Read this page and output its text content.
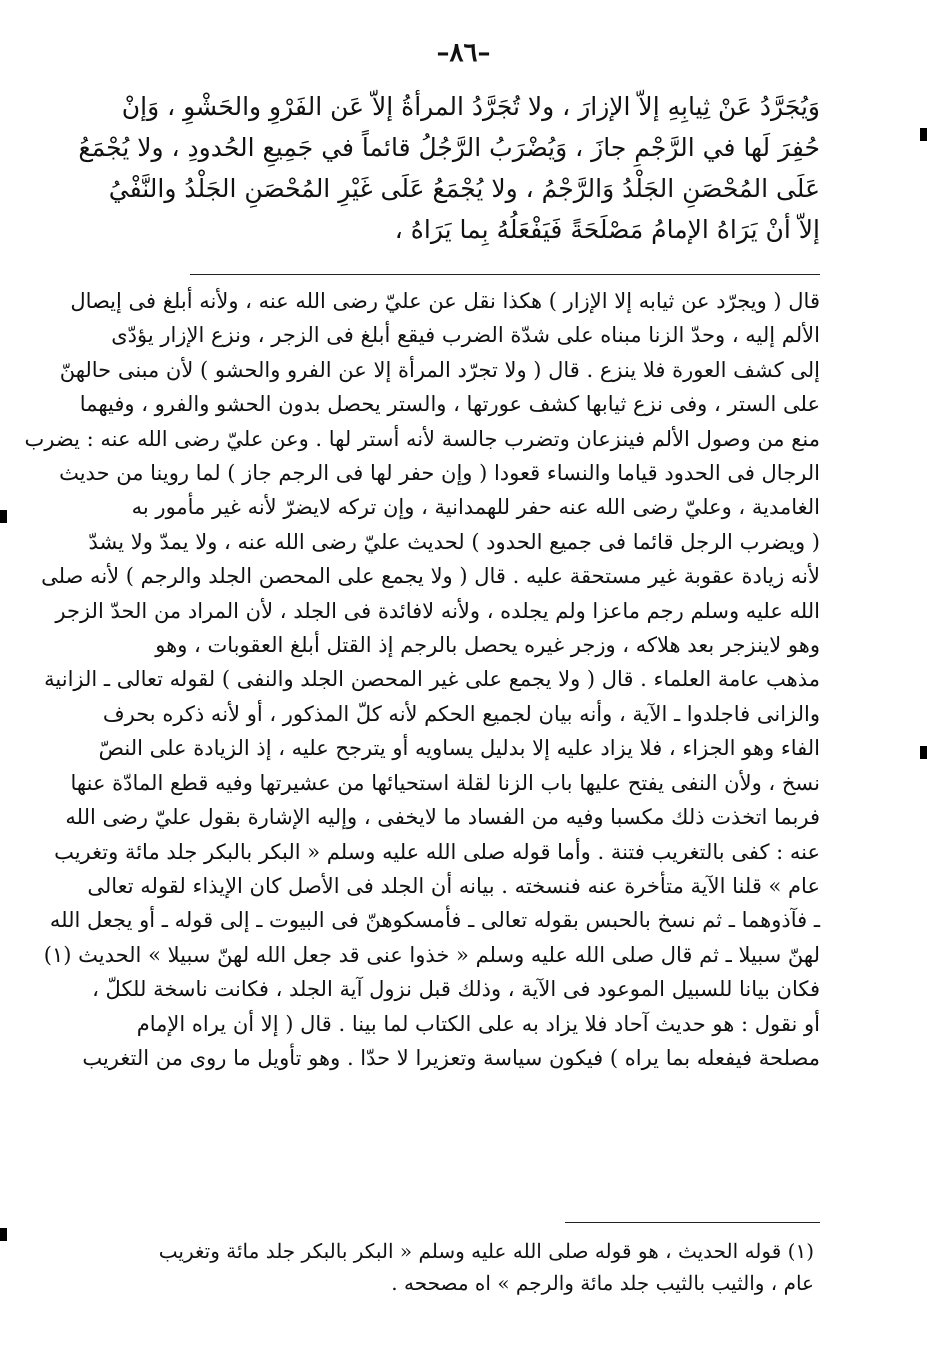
–٨٦–
وَيُجَرَّدُ عَنْ ثِيابِهِ إلاّ الإزارَ ، ولا تُجَرَّدُ المرأةُ إلاّ عَن الفَرْوِ والحَشْوِ ، وَإنْ
حُفِرَ لَها في الرَّجْمِ جازَ ، وَيُضْرَبُ الرَّجُلُ قائماً في جَمِيعِ الحُدودِ ، ولا يُجْمَعُ
عَلَى المُحْصَنِ الجَلْدُ وَالرَّجْمُ ، ولا يُجْمَعُ عَلَى غَيْرِ المُحْصَنِ الجَلْدُ والنَّفْيُ
إلاّ أنْ يَرَاهُ الإمامُ مَصْلَحَةً فَيَفْعَلُهُ بِما يَرَاهُ ،
قال ( ويجرّد عن ثيابه إلا الإزار ) هكذا نقل عن عليّ رضى الله عنه ، ولأنه أبلغ فى إيصال
الألم إليه ، وحدّ الزنا مبناه على شدّة الضرب فيقع أبلغ فى الزجر ، ونزع الإزار يؤدّى
إلى كشف العورة فلا ينزع . قال ( ولا تجرّد المرأة إلا عن الفرو والحشو ) لأن مبنى حالهنّ
على الستر ، وفى نزع ثيابها كشف عورتها ، والستر يحصل بدون الحشو والفرو ، وفيهما
منع من وصول الألم فينزعان وتضرب جالسة لأنه أستر لها . وعن عليّ رضى الله عنه : يضرب
الرجال فى الحدود قياما والنساء قعودا ( وإن حفر لها فى الرجم جاز ) لما روينا من حديث
الغامدية ، وعليّ رضى الله عنه حفر للهمدانية ، وإن تركه لايضرّ لأنه غير مأمور به
( ويضرب الرجل قائما فى جميع الحدود ) لحديث عليّ رضى الله عنه ، ولا يمدّ ولا يشدّ
لأنه زيادة عقوبة غير مستحقة عليه . قال ( ولا يجمع على المحصن الجلد والرجم ) لأنه صلى
الله عليه وسلم رجم ماعزا ولم يجلده ، ولأنه لافائدة فى الجلد ، لأن المراد من الحدّ الزجر
وهو لاينزجر بعد هلاكه ، وزجر غيره يحصل بالرجم إذ القتل أبلغ العقوبات ، وهو
مذهب عامة العلماء . قال ( ولا يجمع على غير المحصن الجلد والنفى ) لقوله تعالى ـ الزانية
والزانى فاجلدوا ـ الآية ، وأنه بيان لجميع الحكم لأنه كلّ المذكور ، أو لأنه ذكره بحرف
الفاء وهو الجزاء ، فلا يزاد عليه إلا بدليل يساويه أو يترجح عليه ، إذ الزيادة على النصّ
نسخ ، ولأن النفى يفتح عليها باب الزنا لقلة استحيائها من عشيرتها وفيه قطع المادّة عنها
فربما اتخذت ذلك مكسبا وفيه من الفساد ما لايخفى ، وإليه الإشارة بقول عليّ رضى الله
عنه : كفى بالتغريب فتنة . وأما قوله صلى الله عليه وسلم « البكر بالبكر جلد مائة وتغريب
عام » قلنا الآية متأخرة عنه فنسخته . بيانه أن الجلد فى الأصل كان الإيذاء لقوله تعالى
ـ فآذوهما ـ ثم نسخ بالحبس بقوله تعالى ـ فأمسكوهنّ فى البيوت ـ إلى قوله ـ أو يجعل الله
لهنّ سبيلا ـ ثم قال صلى الله عليه وسلم « خذوا عنى قد جعل الله لهنّ سبيلا » الحديث (١)
فكان بيانا للسبيل الموعود فى الآية ، وذلك قبل نزول آية الجلد ، فكانت ناسخة للكلّ ،
أو نقول : هو حديث آحاد فلا يزاد به على الكتاب لما بينا . قال ( إلا أن يراه الإمام
مصلحة فيفعله بما يراه ) فيكون سياسة وتعزيرا لا حدّا . وهو تأويل ما روى من التغريب
(١) قوله الحديث ، هو قوله صلى الله عليه وسلم « البكر بالبكر جلد مائة وتغريب
عام ، والثيب بالثيب جلد مائة والرجم » اه مصححه .
